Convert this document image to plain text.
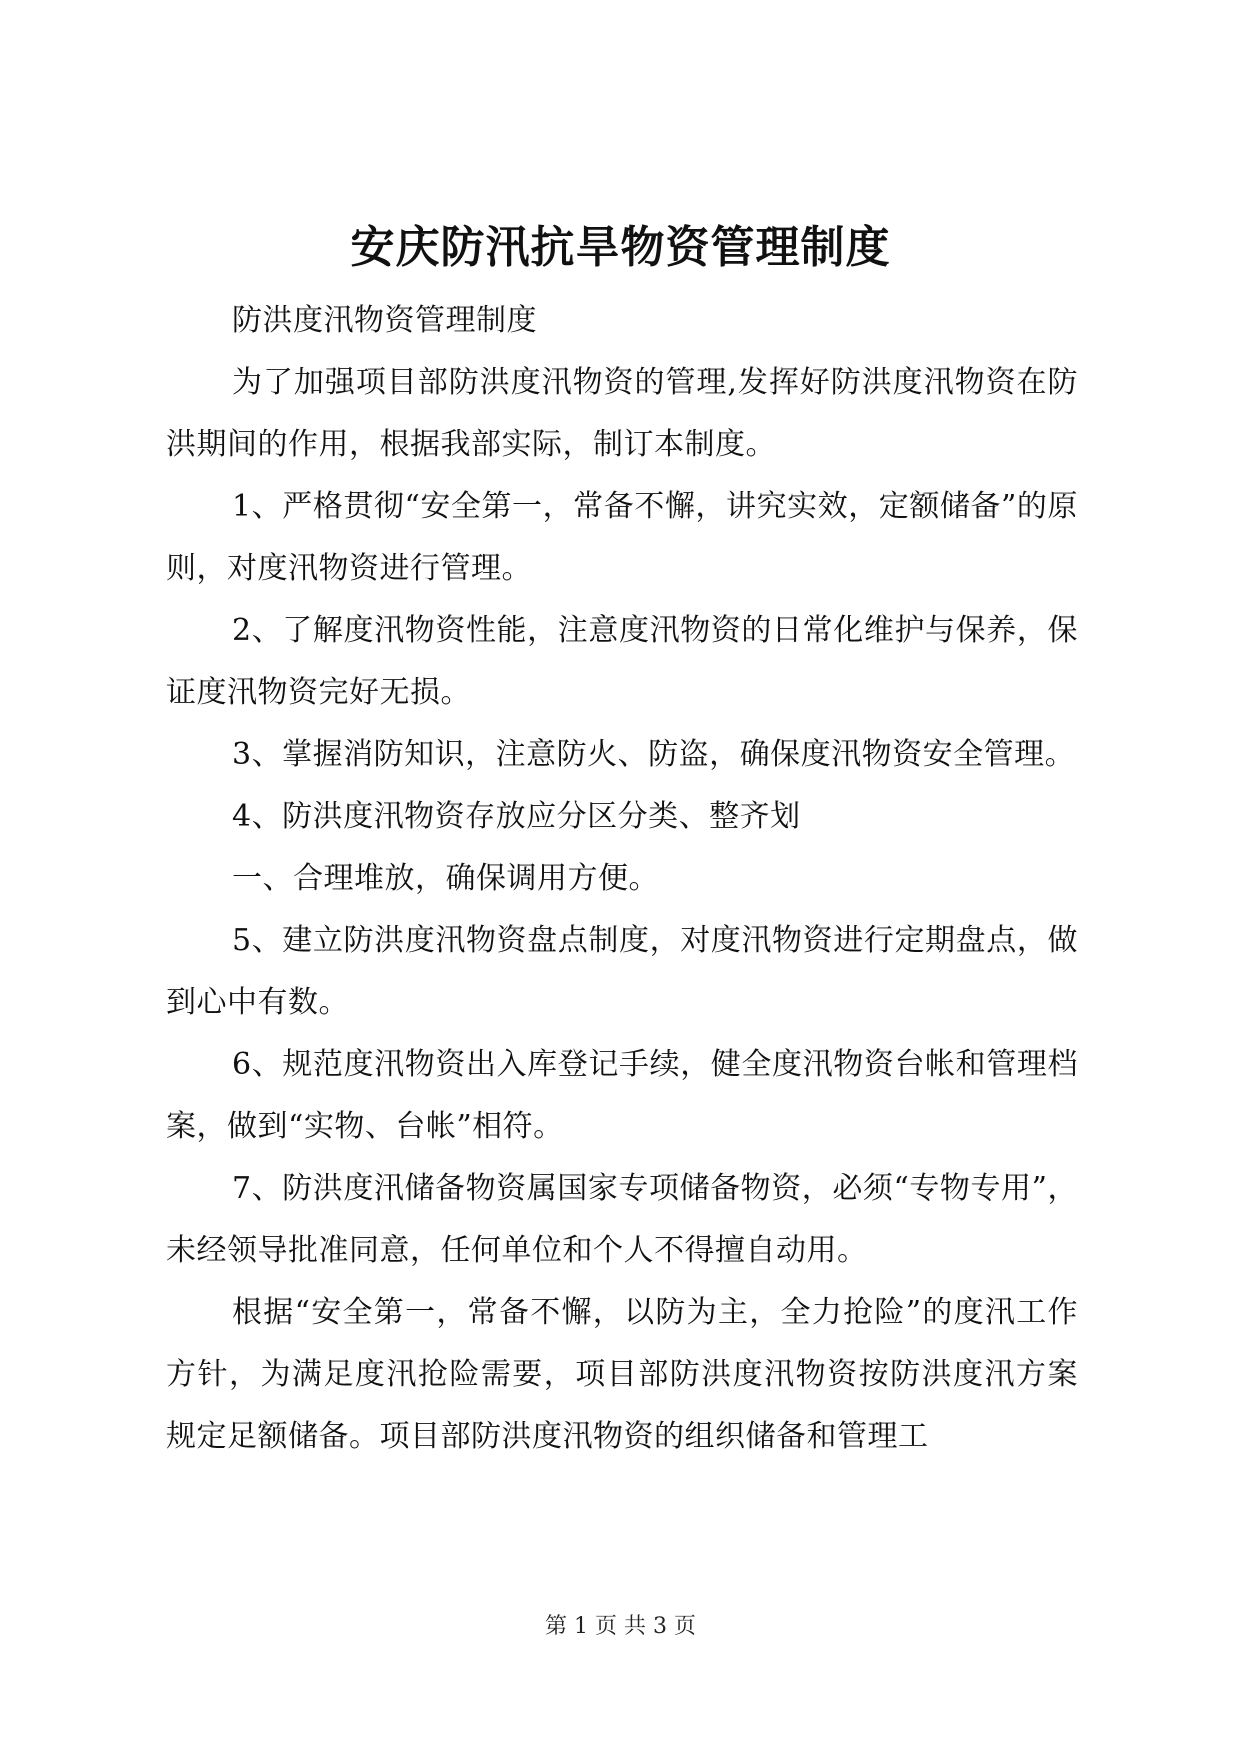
安庆防汛抗旱物资管理制度

防洪度汛物资管理制度

为了加强项目部防洪度汛物资的管理,发挥好防洪度汛物资在防洪期间的作用，根据我部实际，制订本制度。

1、严格贯彻“安全第一，常备不懈，讲究实效，定额储备”的原则，对度汛物资进行管理。

2、了解度汛物资性能，注意度汛物资的日常化维护与保养，保证度汛物资完好无损。

3、掌握消防知识，注意防火、防盗，确保度汛物资安全管理。

4、防洪度汛物资存放应分区分类、整齐划

一、合理堆放，确保调用方便。

5、建立防洪度汛物资盘点制度，对度汛物资进行定期盘点，做到心中有数。

6、规范度汛物资出入库登记手续，健全度汛物资台帐和管理档案，做到“实物、台帐”相符。

7、防洪度汛储备物资属国家专项储备物资，必须“专物专用”，未经领导批准同意，任何单位和个人不得擅自动用。

根据“安全第一，常备不懈，以防为主，全力抢险”的度汛工作方针，为满足度汛抢险需要，项目部防洪度汛物资按防洪度汛方案规定足额储备。项目部防洪度汛物资的组织储备和管理工

第 1 页 共 3 页
